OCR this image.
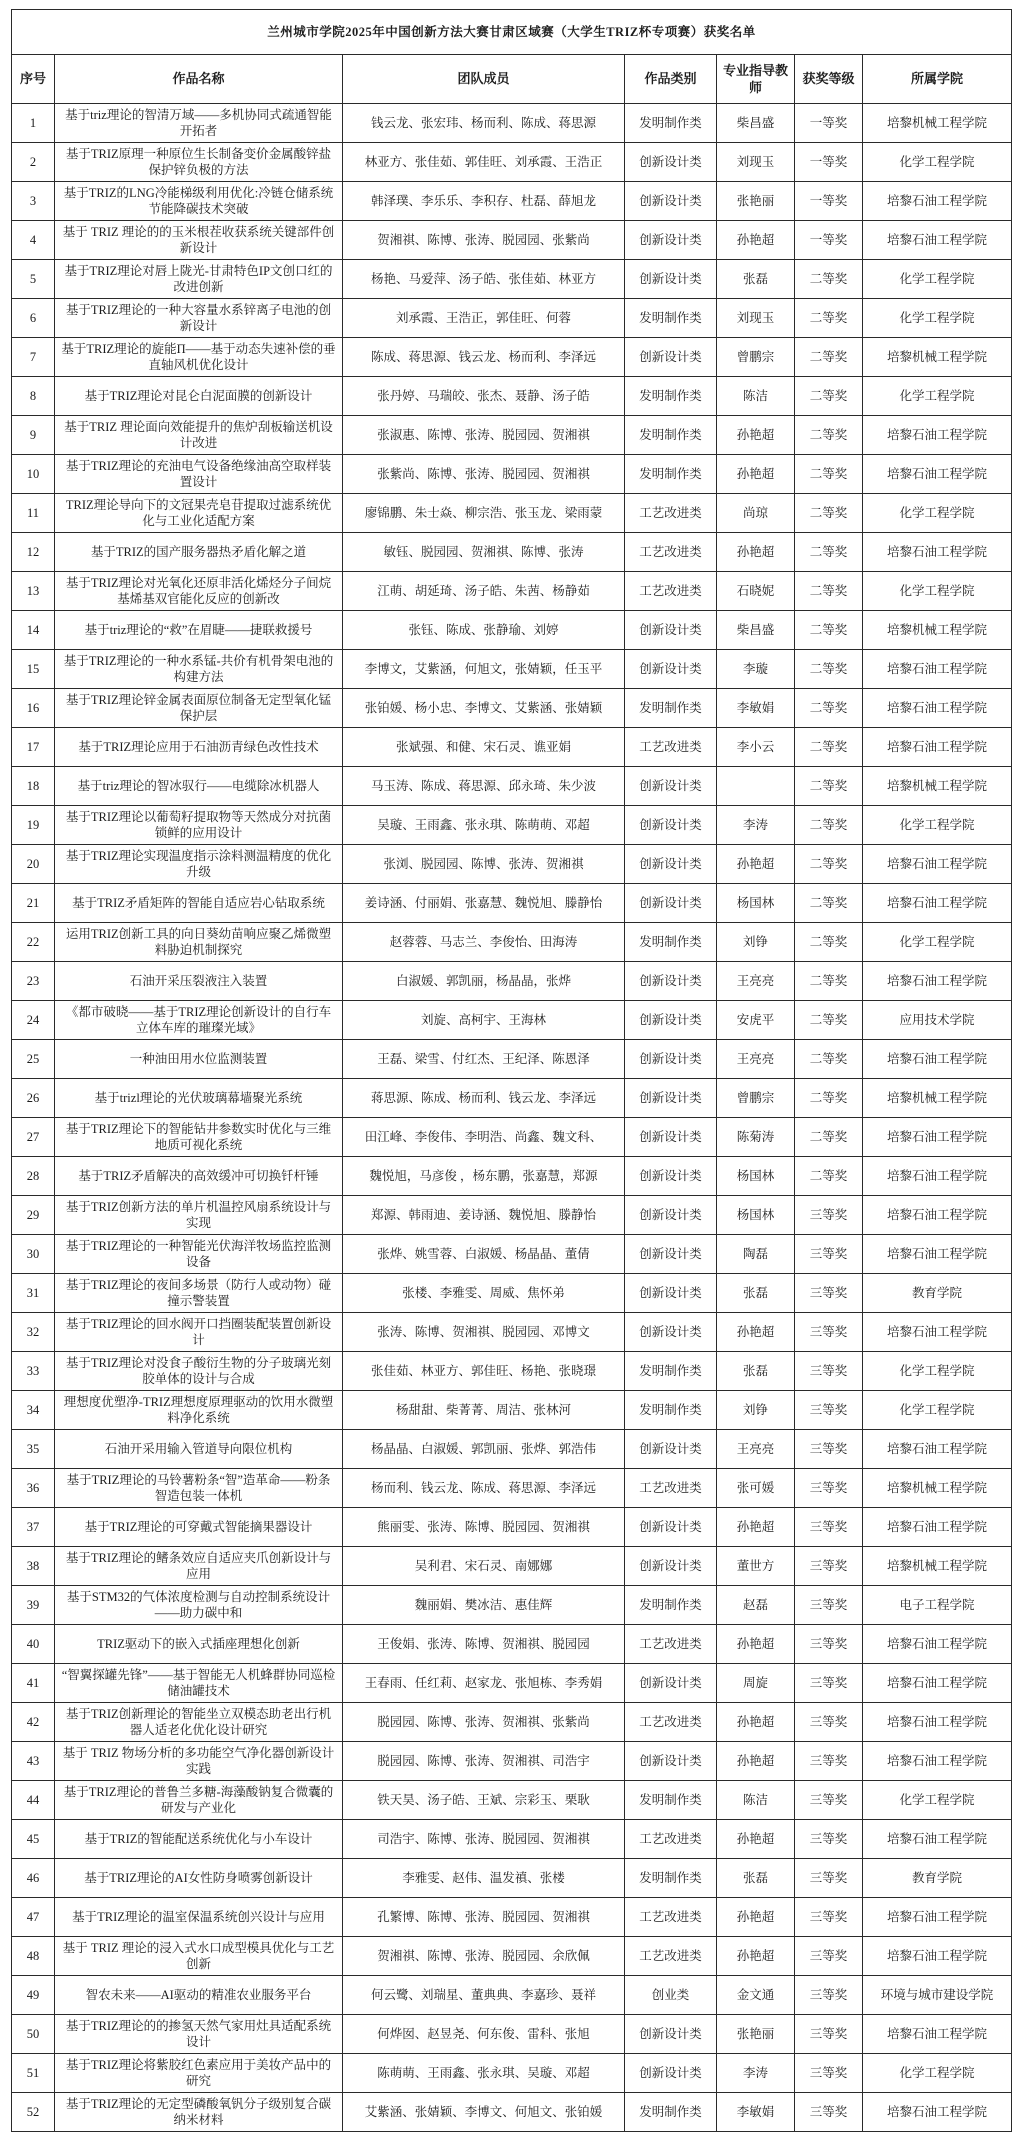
兰州城市学院2025年中国创新方法大赛甘肃区域赛（大学生TRIZ杯专项赛）获奖名单						
序号	作品名称	团队成员	作品类别	专业指导教师	获奖等级	所属学院
1	基于triz理论的智清万域——多机协同式疏通智能开拓者	钱云龙、张宏玮、杨而利、陈成、蒋思源	发明制作类	柴昌盛	一等奖	培黎机械工程学院
2	基于TRIZ原理一种原位生长制备变价金属酸锌盐保护锌负极的方法	林亚方、张佳茹、郭佳旺、刘承霞、王浩正	创新设计类	刘现玉	一等奖	化学工程学院
3	基于TRIZ的LNG冷能梯级利用优化:冷链仓储系统节能降碳技术突破	韩泽璞、李乐乐、李积存、杜磊、薛旭龙	创新设计类	张艳丽	一等奖	培黎石油工程学院
4	基于 TRIZ 理论的的玉米根茬收获系统关键部件创新设计	贺湘祺、陈博、张涛、脱园园、张紫尚	创新设计类	孙艳超	一等奖	培黎石油工程学院
5	基于TRIZ理论对唇上陇光-甘肃特色IP文创口红的改进创新	杨艳、马爱萍、汤子皓、张佳茹、林亚方	创新设计类	张磊	二等奖	化学工程学院
6	基于TRIZ理论的一种大容量水系锌离子电池的创新设计	刘承霞、王浩正，郭佳旺、何蓉	发明制作类	刘现玉	二等奖	化学工程学院
7	基于TRIZ理论的旋能Π——基于动态失速补偿的垂直轴风机优化设计	陈成、蒋思源、钱云龙、杨而利、李泽远	创新设计类	曾鹏宗	二等奖	培黎机械工程学院
8	基于TRIZ理论对昆仑白泥面膜的创新设计	张丹婷、马瑞皎、张杰、聂静、汤子皓	发明制作类	陈洁	二等奖	化学工程学院
9	基于TRIZ 理论面向效能提升的焦炉刮板输送机设计改进	张淑惠、陈博、张涛、脱园园、贺湘祺	发明制作类	孙艳超	二等奖	培黎石油工程学院
10	基于TRIZ理论的充油电气设备绝缘油高空取样装置设计	张紫尚、陈博、张涛、脱园园、贺湘祺	发明制作类	孙艳超	二等奖	培黎石油工程学院
11	TRIZ理论导向下的文冠果壳皂苷提取过滤系统优化与工业化适配方案	廖锦鹏、朱士焱、柳宗浩、张玉龙、梁雨蒙	工艺改进类	尚琼	二等奖	化学工程学院
12	基于TRIZ的国产服务器热矛盾化解之道	敏钰、脱园园、贺湘祺、陈博、张涛	工艺改进类	孙艳超	二等奖	培黎石油工程学院
13	基于TRIZ理论对光氧化还原非活化烯烃分子间烷基烯基双官能化反应的创新改	江萌、胡延琦、汤子皓、朱茜、杨静茹	工艺改进类	石晓妮	二等奖	化学工程学院
14	基于triz理论的“救”在眉睫——捷联救援号	张钰、陈成、张静瑜、刘婷	创新设计类	柴昌盛	二等奖	培黎机械工程学院
15	基于TRIZ理论的一种水系锰-共价有机骨架电池的构建方法	李博文，艾紫涵，何旭文，张婧颖，任玉平	创新设计类	李璇	二等奖	培黎石油工程学院
16	基于TRIZ理论锌金属表面原位制备无定型氧化锰保护层	张铂媛、杨小忠、李博文、艾紫涵、张婧颖	发明制作类	李敏娟	二等奖	培黎石油工程学院
17	基于TRIZ理论应用于石油沥青绿色改性技术	张斌强、和健、宋石灵、谯亚娟	工艺改进类	李小云	二等奖	培黎石油工程学院
18	基于triz理论的智冰驭行——电缆除冰机器人	马玉涛、陈成、蒋思源、邱永琦、朱少波	创新设计类		二等奖	培黎机械工程学院
19	基于TRIZ理论以葡萄籽提取物等天然成分对抗菌锁鲜的应用设计	吴璇、王雨鑫、张永琪、陈萌萌、邓超	创新设计类	李涛	二等奖	化学工程学院
20	基于TRIZ理论实现温度指示涂料测温精度的优化升级	张浏、脱园园、陈博、张涛、贺湘祺	创新设计类	孙艳超	二等奖	培黎石油工程学院
21	基于TRIZ矛盾矩阵的智能自适应岩心钻取系统	姜诗涵、付丽娟、张嘉慧、魏悦旭、滕静怡	创新设计类	杨国林	二等奖	培黎石油工程学院
22	运用TRIZ创新工具的向日葵幼苗响应聚乙烯微塑料胁迫机制探究	赵蓉蓉、马志兰、李俊怡、田海涛	发明制作类	刘铮	二等奖	化学工程学院
23	石油开采压裂液注入装置	白淑媛、郭凯丽，杨晶晶，张烨	创新设计类	王亮亮	二等奖	培黎石油工程学院
24	《都市破晓——基于TRIZ理论创新设计的自行车立体车库的璀璨光域》	刘旋、高柯宇、王海林	创新设计类	安虎平	二等奖	应用技术学院
25	一种油田用水位监测装置	王磊、梁雪、付红杰、王纪泽、陈恩泽	创新设计类	王亮亮	二等奖	培黎石油工程学院
26	基于trizl理论的光伏玻璃幕墙聚光系统	蒋思源、陈成、杨而利、钱云龙、李泽远	创新设计类	曾鹏宗	二等奖	培黎机械工程学院
27	基于TRIZ理论下的智能钻井参数实时优化与三维地质可视化系统	田江峰、李俊伟、李明浩、尚鑫、魏文科、	创新设计类	陈菊涛	二等奖	培黎石油工程学院
28	基于TRIZ矛盾解决的高效缓冲可切换钎杆锤	魏悦旭，马彦俊 ，杨东鹏，张嘉慧，郑源	创新设计类	杨国林	二等奖	培黎石油工程学院
29	基于TRIZ创新方法的单片机温控风扇系统设计与实现	郑源、韩雨迪、姜诗涵、魏悦旭、滕静怡	创新设计类	杨国林	三等奖	培黎石油工程学院
30	基于TRIZ理论的一种智能光伏海洋牧场监控监测设备	张烨、姚雪蓉、白淑媛、杨晶晶、董倩	创新设计类	陶磊	三等奖	培黎石油工程学院
31	基于TRIZ理论的夜间多场景（防行人或动物）碰撞示警装置	张楼、李雅雯、周威、焦怀弟	创新设计类	张磊	三等奖	教育学院
32	基于TRIZ理论的回水阀开口挡圈装配装置创新设计	张涛、陈博、贺湘祺、脱园园、邓博文	创新设计类	孙艳超	三等奖	培黎石油工程学院
33	基于TRIZ理论对没食子酸衍生物的分子玻璃光刻胶单体的设计与合成	张佳茹、林亚方、郭佳旺、杨艳、张晓璟	发明制作类	张磊	三等奖	化学工程学院
34	理想度优塑净-TRIZ理想度原理驱动的饮用水微塑料净化系统	杨甜甜、柴菁菁、周洁、张林河	发明制作类	刘铮	三等奖	化学工程学院
35	石油开采用输入管道导向限位机构	杨晶晶、白淑媛、郭凯丽、张烨、郭浩伟	创新设计类	王亮亮	三等奖	培黎石油工程学院
36	基于TRIZ理论的马铃薯粉条“智”造革命——粉条智造包装一体机	杨而利、钱云龙、陈成、蒋思源、李泽远	工艺改进类	张可媛	三等奖	培黎机械工程学院
37	基于TRIZ理论的可穿戴式智能摘果器设计	熊丽雯、张涛、陈博、脱园园、贺湘祺	创新设计类	孙艳超	三等奖	培黎石油工程学院
38	基于TRIZ理论的鳍条效应自适应夹爪创新设计与应用	吴利君、宋石灵、南娜娜	创新设计类	董世方	三等奖	培黎机械工程学院
39	基于STM32的气体浓度检测与自动控制系统设计——助力碳中和	魏丽娟、樊冰洁、惠佳辉	发明制作类	赵磊	三等奖	电子工程学院
40	TRIZ驱动下的嵌入式插座理想化创新	王俊娟、张涛、陈博、贺湘祺、脱园园	工艺改进类	孙艳超	三等奖	培黎石油工程学院
41	“智翼探罐先锋”——基于智能无人机蜂群协同巡检储油罐技术	王春雨、任红莉、赵家龙、张旭栋、李秀娟	创新设计类	周旋	三等奖	培黎石油工程学院
42	基于TRIZ创新理论的智能坐立双模态助老出行机器人适老化优化设计研究	脱园园、陈博、张涛、贺湘祺、张紫尚	工艺改进类	孙艳超	三等奖	培黎石油工程学院
43	基于 TRIZ 物场分析的多功能空气净化器创新设计实践	脱园园、陈博、张涛、贺湘祺、司浩宇	创新设计类	孙艳超	三等奖	培黎石油工程学院
44	基于TRIZ理论的普鲁兰多糖-海藻酸钠复合微囊的研发与产业化	铁天昊、汤子皓、王斌、宗彩玉、栗耿	发明制作类	陈洁	三等奖	化学工程学院
45	基于TRIZ的智能配送系统优化与小车设计	司浩宇、陈博、张涛、脱园园、贺湘祺	工艺改进类	孙艳超	三等奖	培黎石油工程学院
46	基于TRIZ理论的AI女性防身喷雾创新设计	李雅雯、赵伟、温发禛、张楼	发明制作类	张磊	三等奖	教育学院
47	基于TRIZ理论的温室保温系统创兴设计与应用	孔繁博、陈博、张涛、脱园园、贺湘祺	工艺改进类	孙艳超	三等奖	培黎石油工程学院
48	基于 TRIZ 理论的浸入式水口成型模具优化与工艺创新	贺湘祺、陈博、张涛、脱园园、余欣佩	工艺改进类	孙艳超	三等奖	培黎石油工程学院
49	智农未来——AI驱动的精准农业服务平台	何云鹭、刘瑞星、董典典、李嘉珍、聂祥	创业类	金文通	三等奖	环境与城市建设学院
50	基于TRIZ理论的的掺氢天然气家用灶具适配系统设计	何烨囡、赵昱尧、何东俊、雷科、张旭	创新设计类	张艳丽	三等奖	培黎石油工程学院
51	基于TRIZ理论将紫胶红色素应用于美妆产品中的研究	陈萌萌、王雨鑫、张永琪、吴璇、邓超	创新设计类	李涛	三等奖	化学工程学院
52	基于TRIZ理论的无定型磷酸氧钒分子级别复合碳纳米材料	艾紫涵、张婧颖、李博文、何旭文、张铂媛	发明制作类	李敏娟	三等奖	培黎石油工程学院
